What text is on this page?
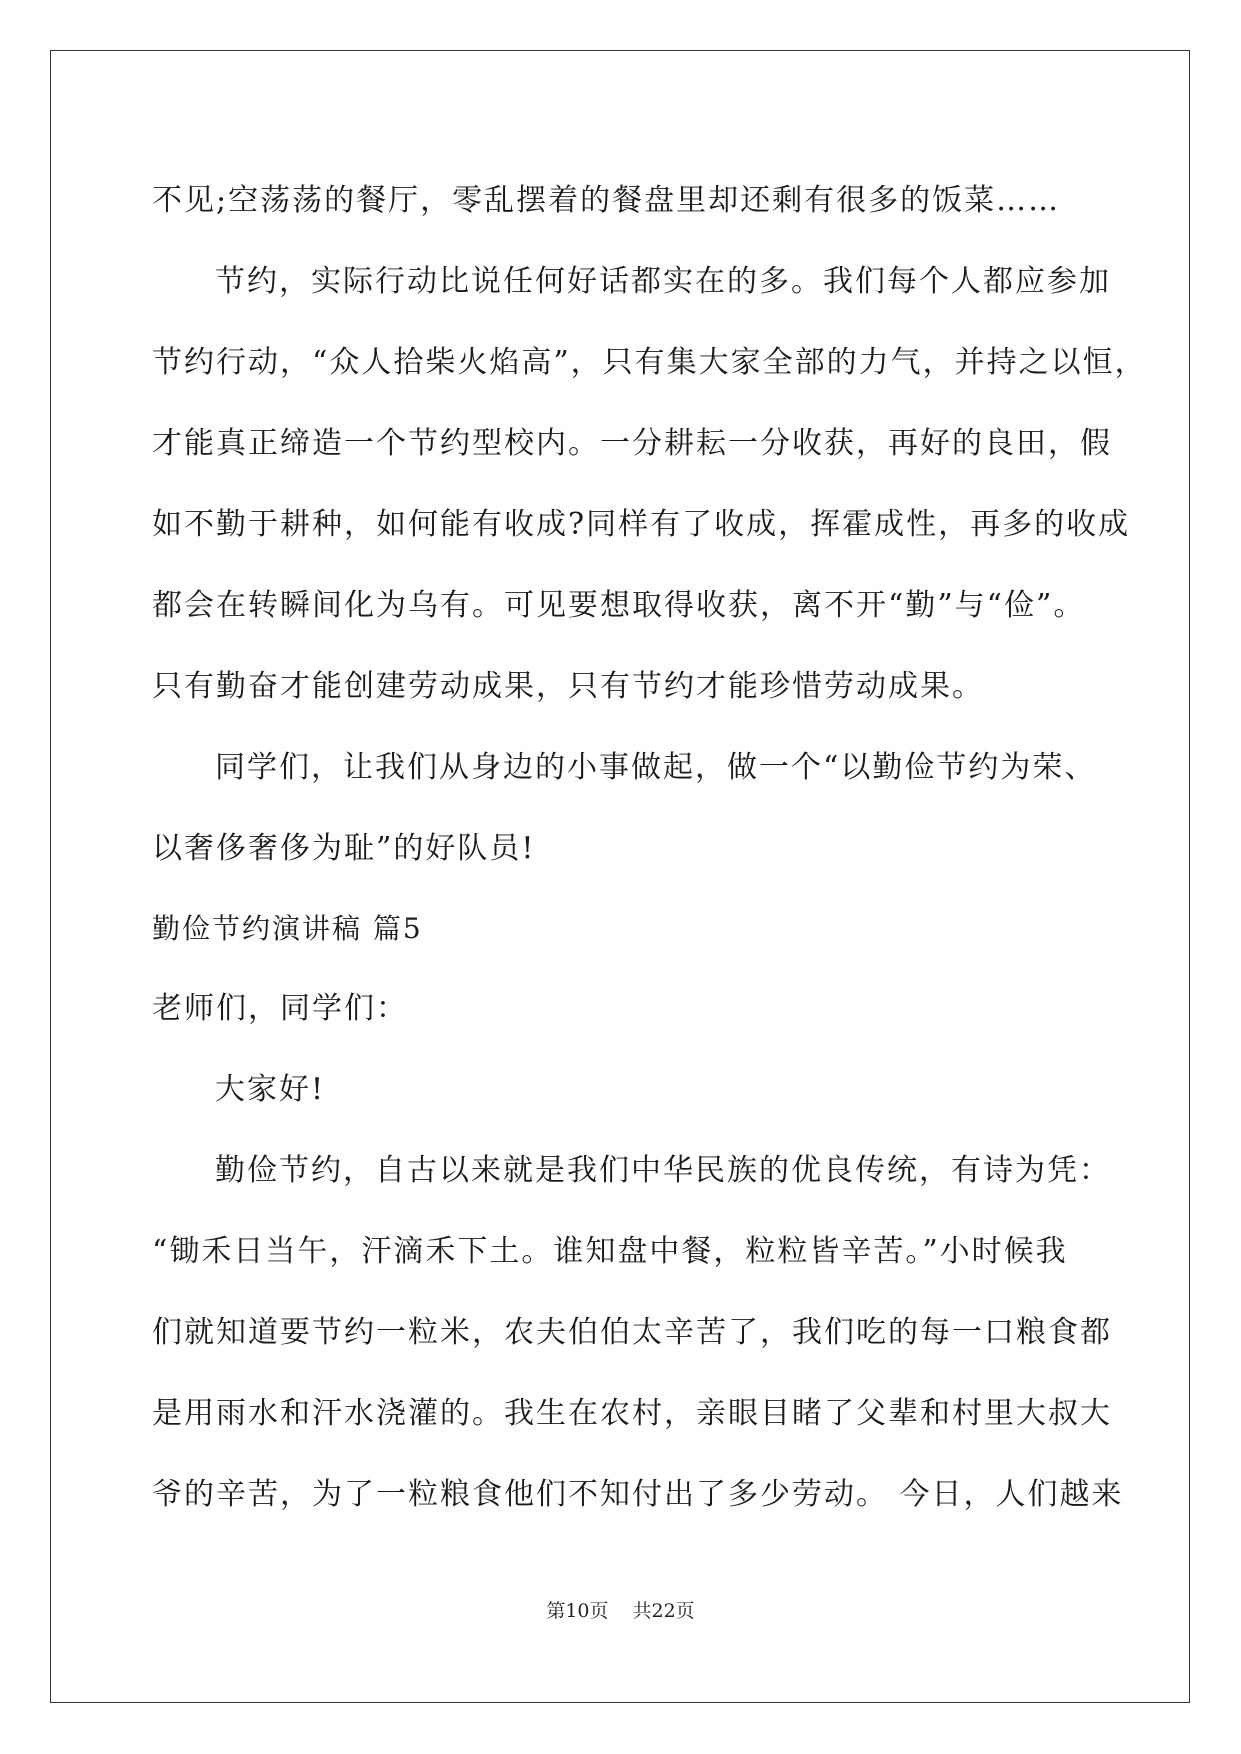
不见;空荡荡的餐厅，零乱摆着的餐盘里却还剩有很多的饭菜……
节约，实际行动比说任何好话都实在的多。我们每个人都应参加
节约行动，“众人拾柴火焰高”，只有集大家全部的力气，并持之以恒，
才能真正缔造一个节约型校内。一分耕耘一分收获，再好的良田，假
如不勤于耕种，如何能有收成?同样有了收成，挥霍成性，再多的收成
都会在转瞬间化为乌有。可见要想取得收获，离不开“勤”与“俭”。
只有勤奋才能创建劳动成果，只有节约才能珍惜劳动成果。
同学们，让我们从身边的小事做起，做一个“以勤俭节约为荣、
以奢侈奢侈为耻”的好队员!
勤俭节约演讲稿 篇5
老师们，同学们：
大家好!
勤俭节约，自古以来就是我们中华民族的优良传统，有诗为凭：
“锄禾日当午，汗滴禾下土。谁知盘中餐，粒粒皆辛苦。”小时候我
们就知道要节约一粒米，农夫伯伯太辛苦了，我们吃的每一口粮食都
是用雨水和汗水浇灌的。我生在农村，亲眼目睹了父辈和村里大叔大
爷的辛苦，为了一粒粮食他们不知付出了多少劳动。 今日，人们越来
第10页 共22页
